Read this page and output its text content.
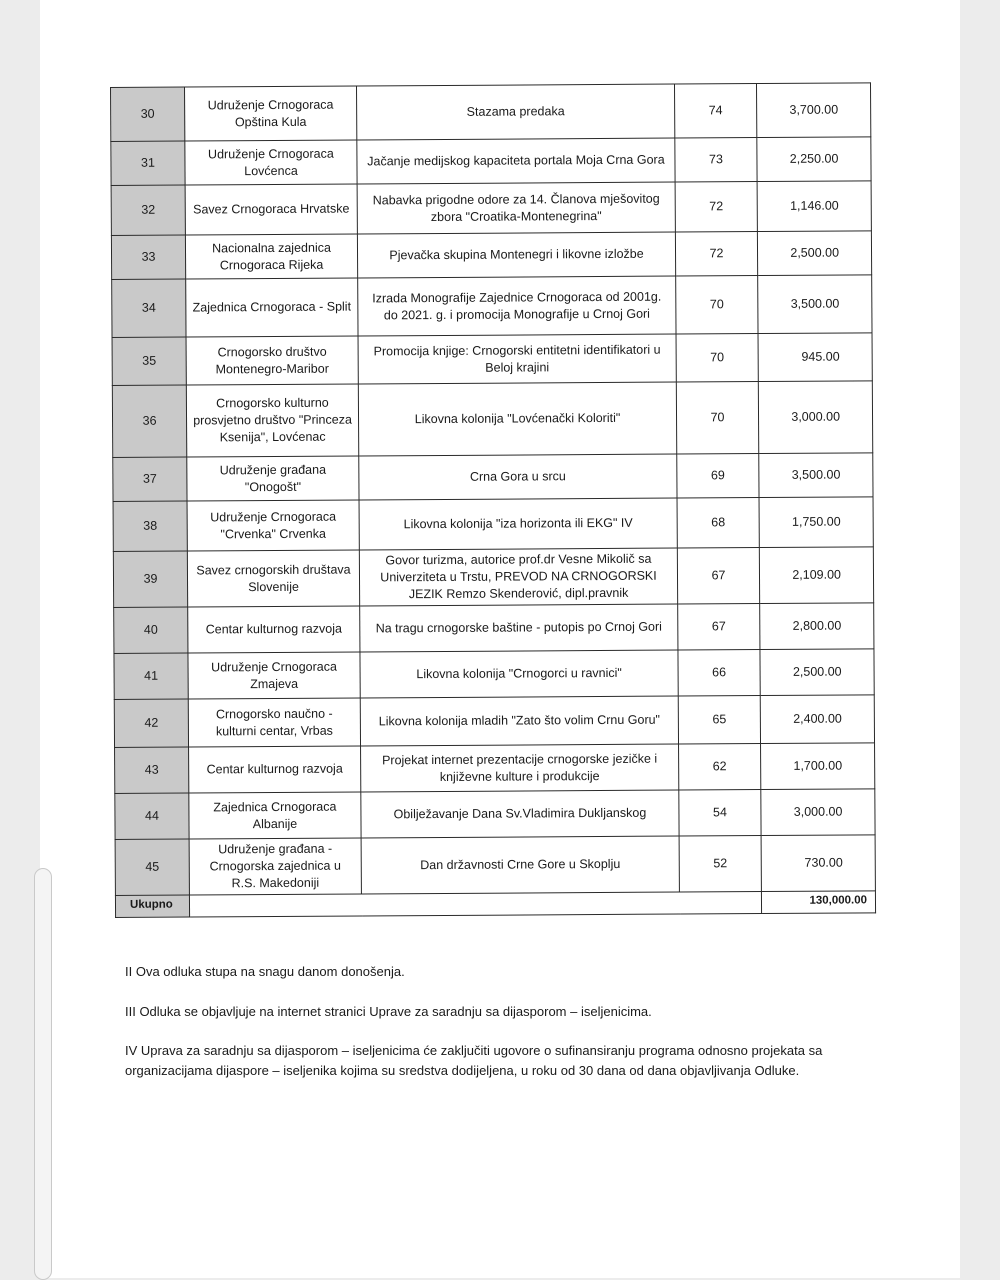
30	Udruženje Crnogoraca Opština Kula	Stazama predaka	74	3,700.00
31	Udruženje Crnogoraca Lovćenca	Jačanje medijskog kapaciteta portala Moja Crna Gora	73	2,250.00
32	Savez Crnogoraca Hrvatske	Nabavka prigodne odore za 14. Članova mješovitog zbora "Croatika-Montenegrina"	72	1,146.00
33	Nacionalna zajednica Crnogoraca Rijeka	Pjevačka skupina Montenegri i likovne izložbe	72	2,500.00
34	Zajednica Crnogoraca - Split	Izrada Monografije Zajednice Crnogoraca od 2001g. do 2021. g. i promocija Monografije u Crnoj Gori	70	3,500.00
35	Crnogorsko društvo Montenegro-Maribor	Promocija knjige: Crnogorski entitetni identifikatori u Beloj krajini	70	945.00
36	Crnogorsko kulturno prosvjetno društvo "Princeza Ksenija", Lovćenac	Likovna kolonija "Lovćenački Koloriti"	70	3,000.00
37	Udruženje građana "Onogošt"	Crna Gora u srcu	69	3,500.00
38	Udruženje Crnogoraca "Crvenka" Crvenka	Likovna kolonija "iza horizonta ili EKG" IV	68	1,750.00
39	Savez crnogorskih društava Slovenije	Govor turizma, autorice prof.dr Vesne Mikolič sa Univerziteta u Trstu, PREVOD NA CRNOGORSKI JEZIK Remzo Skenderović, dipl.pravnik	67	2,109.00
40	Centar kulturnog razvoja	Na tragu crnogorske baštine - putopis po Crnoj Gori	67	2,800.00
41	Udruženje Crnogoraca Zmajeva	Likovna kolonija "Crnogorci u ravnici"	66	2,500.00
42	Crnogorsko naučno - kulturni centar, Vrbas	Likovna kolonija mladih "Zato što volim Crnu Goru"	65	2,400.00
43	Centar kulturnog razvoja	Projekat internet prezentacije crnogorske jezičke i književne kulture i produkcije	62	1,700.00
44	Zajednica Crnogoraca Albanije	Obilježavanje Dana Sv.Vladimira Dukljanskog	54	3,000.00
45	Udruženje građana - Crnogorska zajednica u R.S. Makedoniji	Dan državnosti Crne Gore u Skoplju	52	730.00
Ukupno				130,000.00

II Ova odluka stupa na snagu danom donošenja.

III Odluka se objavljuje na internet stranici Uprave za saradnju sa dijasporom – iseljenicima.

IV Uprava za saradnju sa dijasporom – iseljenicima će zaključiti ugovore o sufinansiranju programa odnosno projekata sa organizacijama dijaspore – iseljenika kojima su sredstva dodijeljena, u roku od 30 dana od dana objavljivanja Odluke.
